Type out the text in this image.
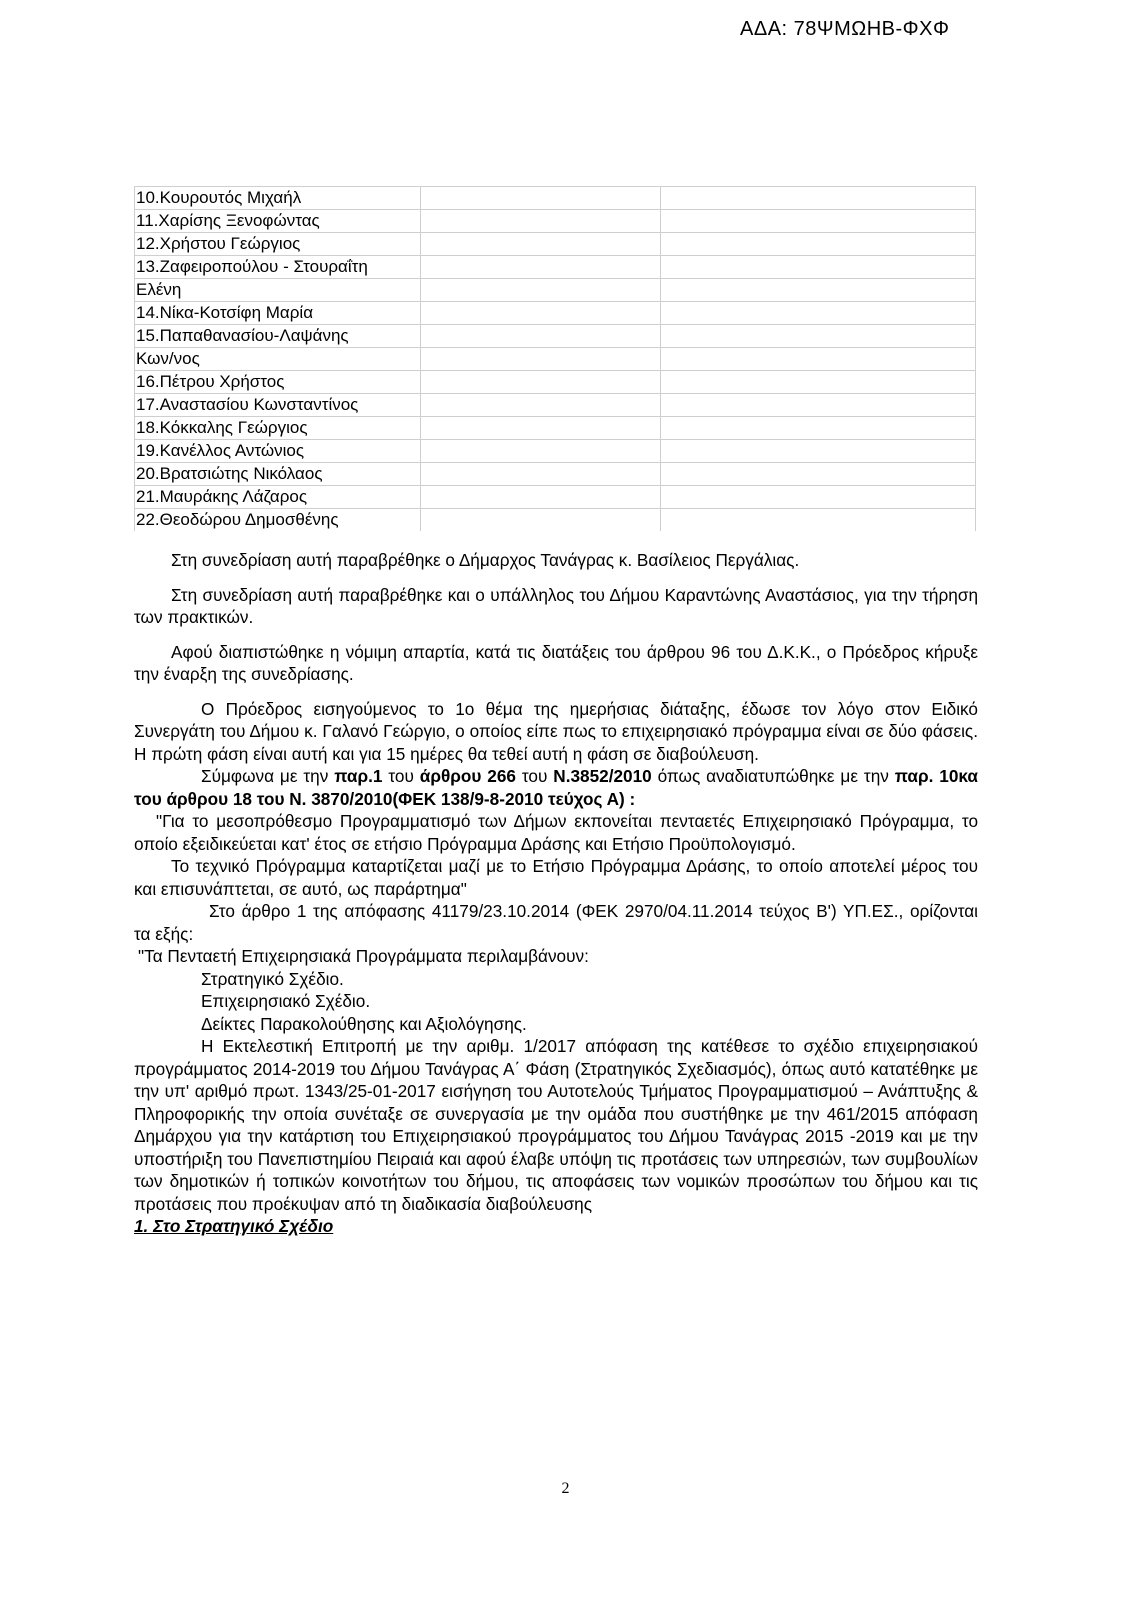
ΑΔΑ: 78ΨΜΩΗΒ-ΦΧΦ
10.Κουρουτός Μιχαήλ		
11.Χαρίσης Ξενοφώντας		
12.Χρήστου Γεώργιος		
13.Ζαφειροπούλου - Στουραΐτη		
Ελένη		
14.Νίκα-Κοτσίφη Μαρία		
15.Παπαθανασίου-Λαψάνης		
Κων/νος		
16.Πέτρου Χρήστος		
17.Αναστασίου Κωνσταντίνος		
18.Κόκκαλης Γεώργιος		
19.Κανέλλος Αντώνιος		
20.Βρατσιώτης Νικόλαος		
21.Μαυράκης Λάζαρος		
22.Θεοδώρου Δημοσθένης		

Στη συνεδρίαση αυτή παραβρέθηκε ο Δήμαρχος Τανάγρας κ. Βασίλειος Περγάλιας.

Στη συνεδρίαση αυτή παραβρέθηκε και ο υπάλληλος του Δήμου Καραντώνης Αναστάσιος, για την τήρηση των πρακτικών.

Αφού διαπιστώθηκε η νόμιμη απαρτία, κατά τις διατάξεις του άρθρου 96 του Δ.Κ.Κ., ο Πρόεδρος κήρυξε την έναρξη της συνεδρίασης.

Ο Πρόεδρος εισηγούμενος το 1ο θέμα της ημερήσιας διάταξης, έδωσε τον λόγο στον Ειδικό Συνεργάτη του Δήμου κ. Γαλανό Γεώργιο, ο οποίος είπε πως το επιχειρησιακό πρόγραμμα είναι σε δύο φάσεις. Η πρώτη φάση είναι αυτή και για 15 ημέρες θα τεθεί αυτή η φάση σε διαβούλευση.

Σύμφωνα με την παρ.1 του άρθρου 266 του Ν.3852/2010 όπως αναδιατυπώθηκε με την παρ. 10κα του άρθρου 18 του Ν. 3870/2010(ΦΕΚ 138/9-8-2010 τεύχος Α) :

"Για το μεσοπρόθεσμο Προγραμματισμό των Δήμων εκπονείται πενταετές Επιχειρησιακό Πρόγραμμα, το οποίο εξειδικεύεται κατ' έτος σε ετήσιο Πρόγραμμα Δράσης και Ετήσιο Προϋπολογισμό.

Το τεχνικό Πρόγραμμα καταρτίζεται μαζί με το Ετήσιο Πρόγραμμα Δράσης, το οποίο αποτελεί μέρος του και επισυνάπτεται, σε αυτό, ως παράρτημα"

Στο άρθρο 1 της απόφασης 41179/23.10.2014 (ΦΕΚ 2970/04.11.2014 τεύχος Β') ΥΠ.ΕΣ., ορίζονται τα εξής:

"Τα Πενταετή Επιχειρησιακά Προγράμματα περιλαμβάνουν:

Στρατηγικό Σχέδιο.

Επιχειρησιακό Σχέδιο.

Δείκτες Παρακολούθησης και Αξιολόγησης.

Η Εκτελεστική Επιτροπή με την αριθμ. 1/2017 απόφαση της κατέθεσε το σχέδιο επιχειρησιακού προγράμματος 2014-2019 του Δήμου Τανάγρας Α΄ Φάση (Στρατηγικός Σχεδιασμός), όπως αυτό κατατέθηκε με την υπ' αριθμό πρωτ. 1343/25-01-2017 εισήγηση του Αυτοτελούς Τμήματος Προγραμματισμού – Ανάπτυξης & Πληροφορικής την οποία συνέταξε σε συνεργασία με την ομάδα που συστήθηκε με την 461/2015 απόφαση Δημάρχου για την κατάρτιση του Επιχειρησιακού προγράμματος του Δήμου Τανάγρας 2015 -2019 και με την υποστήριξη του Πανεπιστημίου Πειραιά και αφού έλαβε υπόψη τις προτάσεις των υπηρεσιών, των συμβουλίων των δημοτικών ή τοπικών κοινοτήτων του δήμου, τις αποφάσεις των νομικών προσώπων του δήμου και τις προτάσεις που προέκυψαν από τη διαδικασία διαβούλευσης

1. Στο Στρατηγικό Σχέδιο

2
